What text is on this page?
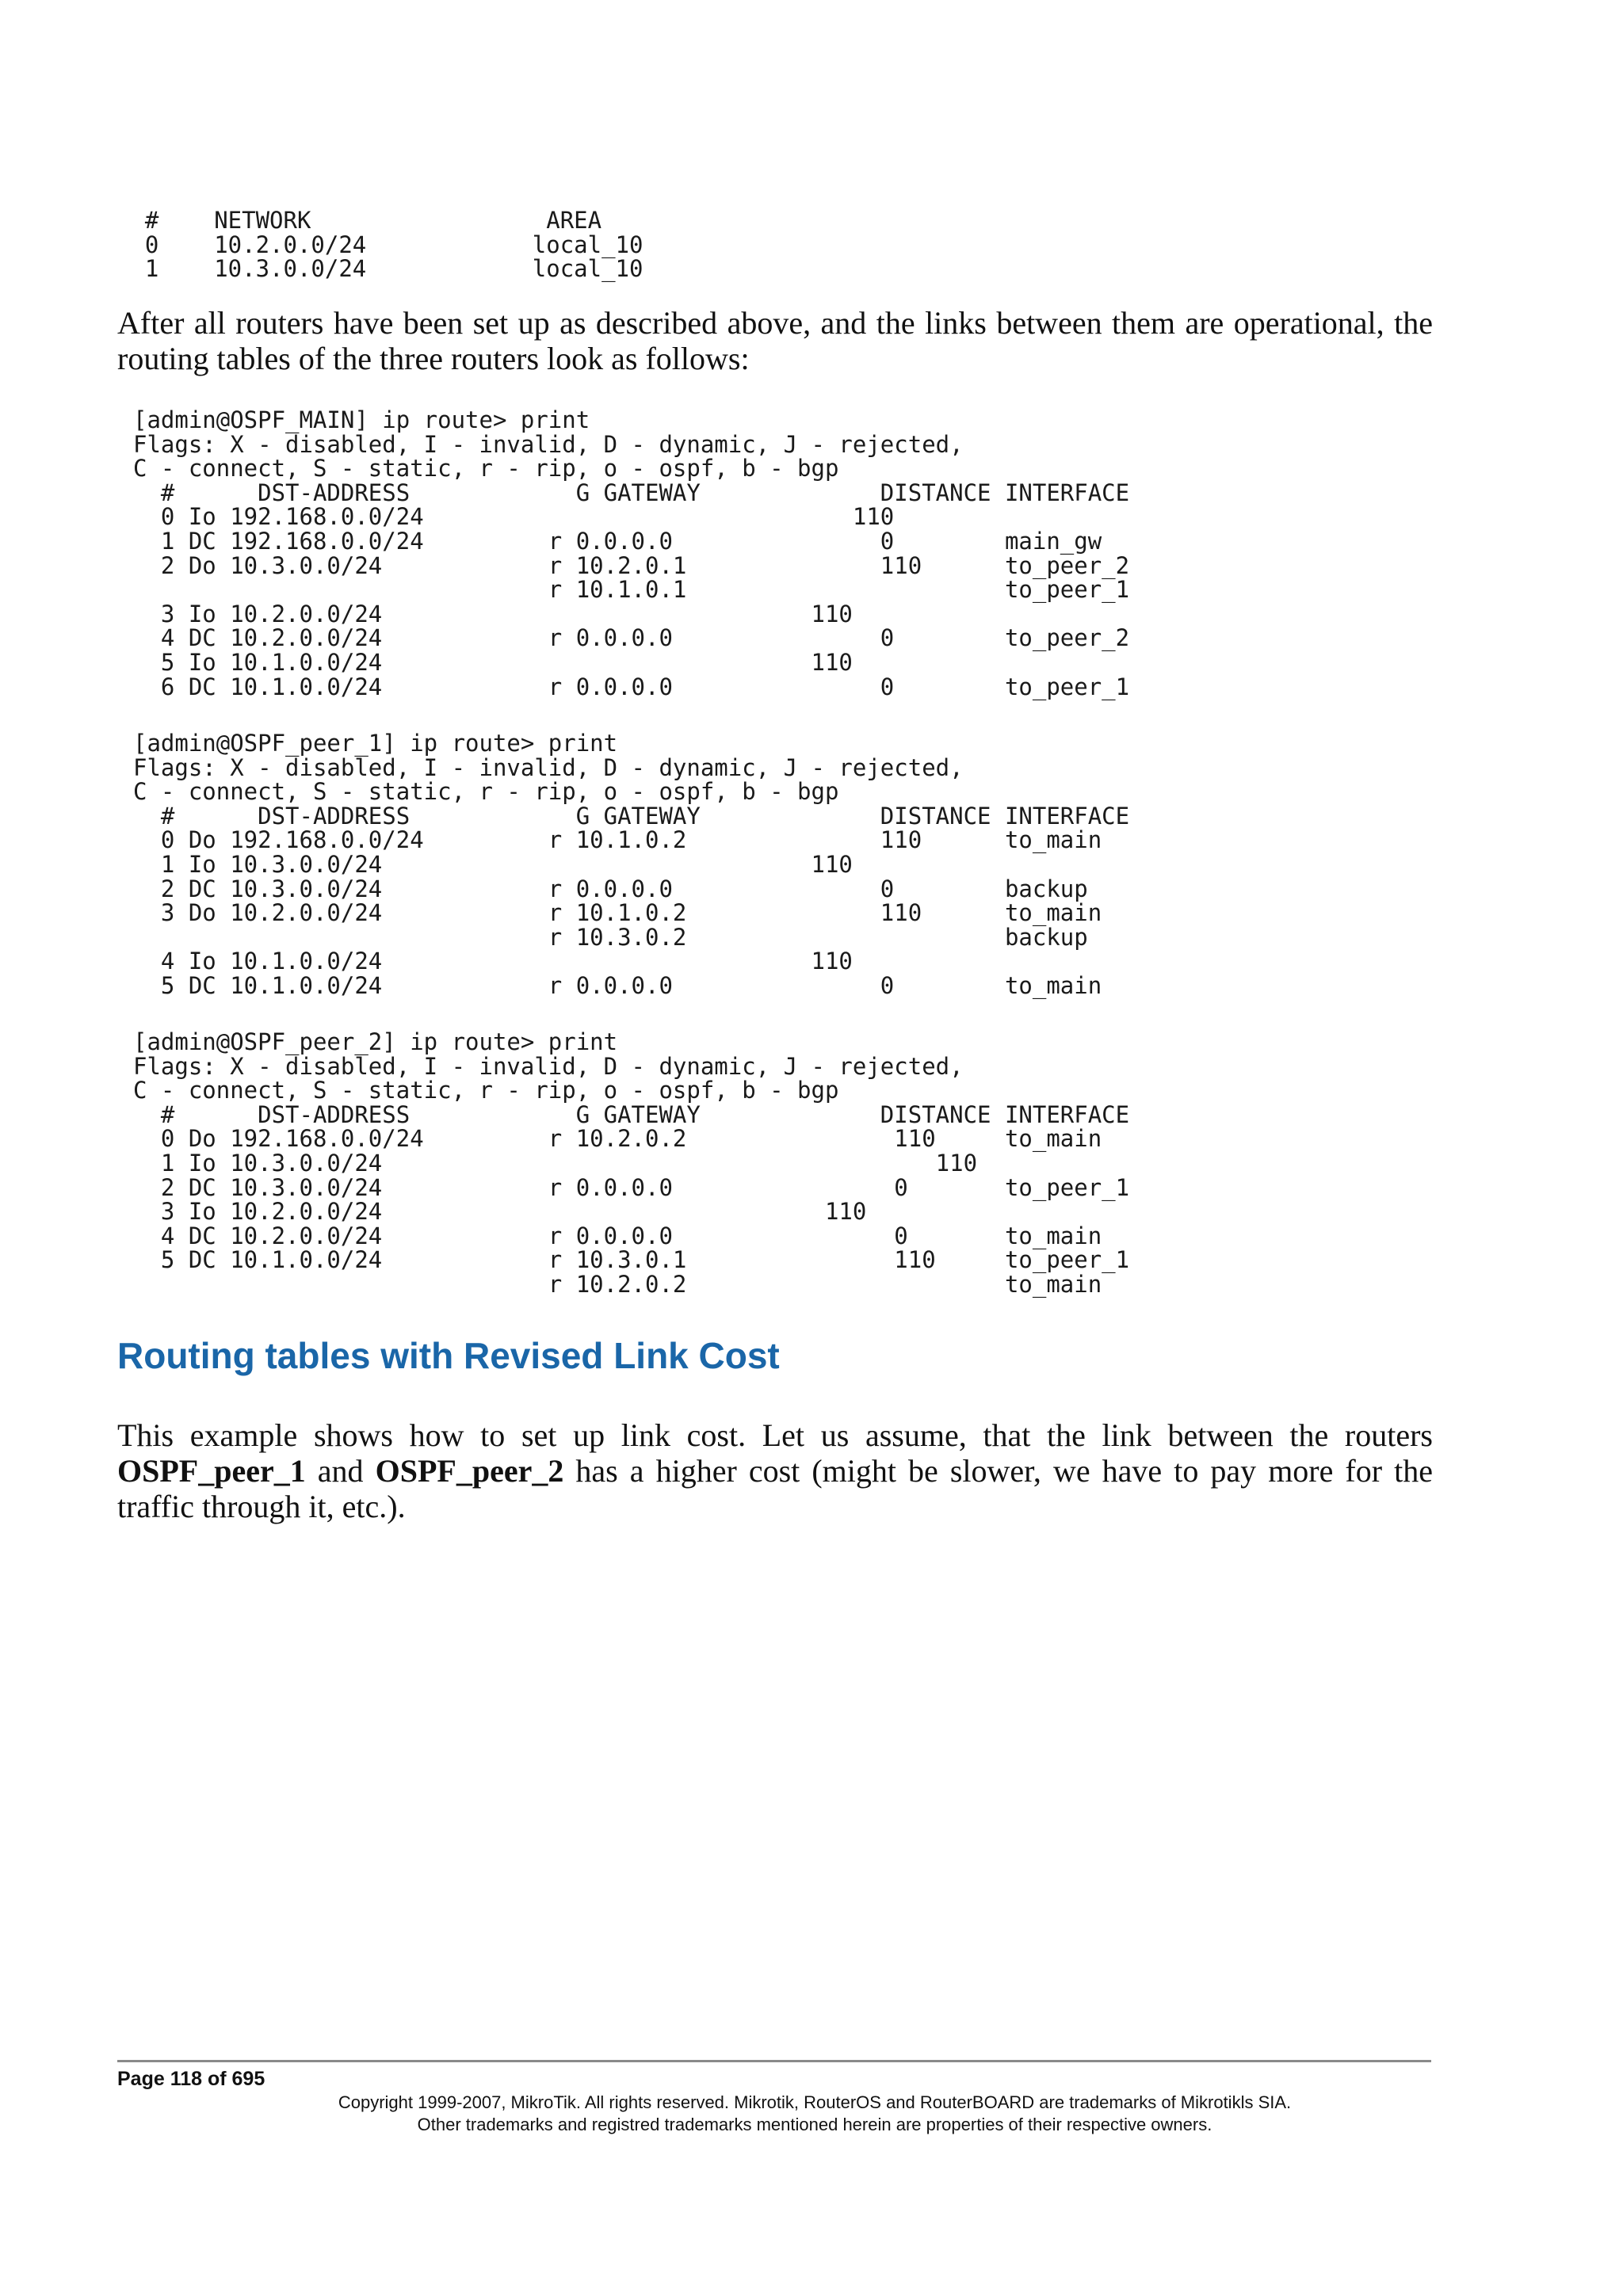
#    NETWORK                 AREA
0    10.2.0.0/24            local_10
1    10.3.0.0/24            local_10

After all routers have been set up as described above, and the links between them are operational, the routing tables of the three routers look as follows:

[admin@OSPF_MAIN] ip route> print
Flags: X - disabled, I - invalid, D - dynamic, J - rejected,
C - connect, S - static, r - rip, o - ospf, b - bgp
#      DST-ADDRESS            G GATEWAY             DISTANCE INTERFACE
0 Io 192.168.0.0/24                               110
1 DC 192.168.0.0/24         r 0.0.0.0               0        main_gw
2 Do 10.3.0.0/24            r 10.2.0.1              110      to_peer_2
r 10.1.0.1                       to_peer_1
3 Io 10.2.0.0/24                               110
4 DC 10.2.0.0/24            r 0.0.0.0               0        to_peer_2
5 Io 10.1.0.0/24                               110
6 DC 10.1.0.0/24            r 0.0.0.0               0        to_peer_1
[admin@OSPF_peer_1] ip route> print
Flags: X - disabled, I - invalid, D - dynamic, J - rejected,
C - connect, S - static, r - rip, o - ospf, b - bgp
#      DST-ADDRESS            G GATEWAY             DISTANCE INTERFACE
0 Do 192.168.0.0/24         r 10.1.0.2              110      to_main
1 Io 10.3.0.0/24                               110
2 DC 10.3.0.0/24            r 0.0.0.0               0        backup
3 Do 10.2.0.0/24            r 10.1.0.2              110      to_main
r 10.3.0.2                       backup
4 Io 10.1.0.0/24                               110
5 DC 10.1.0.0/24            r 0.0.0.0               0        to_main
[admin@OSPF_peer_2] ip route> print
Flags: X - disabled, I - invalid, D - dynamic, J - rejected,
C - connect, S - static, r - rip, o - ospf, b - bgp
#      DST-ADDRESS            G GATEWAY             DISTANCE INTERFACE
0 Do 192.168.0.0/24         r 10.2.0.2               110     to_main
1 Io 10.3.0.0/24                                        110
2 DC 10.3.0.0/24            r 0.0.0.0                0       to_peer_1
3 Io 10.2.0.0/24                                110
4 DC 10.2.0.0/24            r 0.0.0.0                0       to_main
5 DC 10.1.0.0/24            r 10.3.0.1               110     to_peer_1
r 10.2.0.2                       to_main
Routing tables with Revised Link Cost

This example shows how to set up link cost. Let us assume, that the link between the routers OSPF_peer_1 and OSPF_peer_2 has a higher cost (might be slower, we have to pay more for the traffic through it, etc.).

Page 118 of 695
Copyright 1999-2007, MikroTik. All rights reserved. Mikrotik, RouterOS and RouterBOARD are trademarks of Mikrotikls SIA.
Other trademarks and registred trademarks mentioned herein are properties of their respective owners.
